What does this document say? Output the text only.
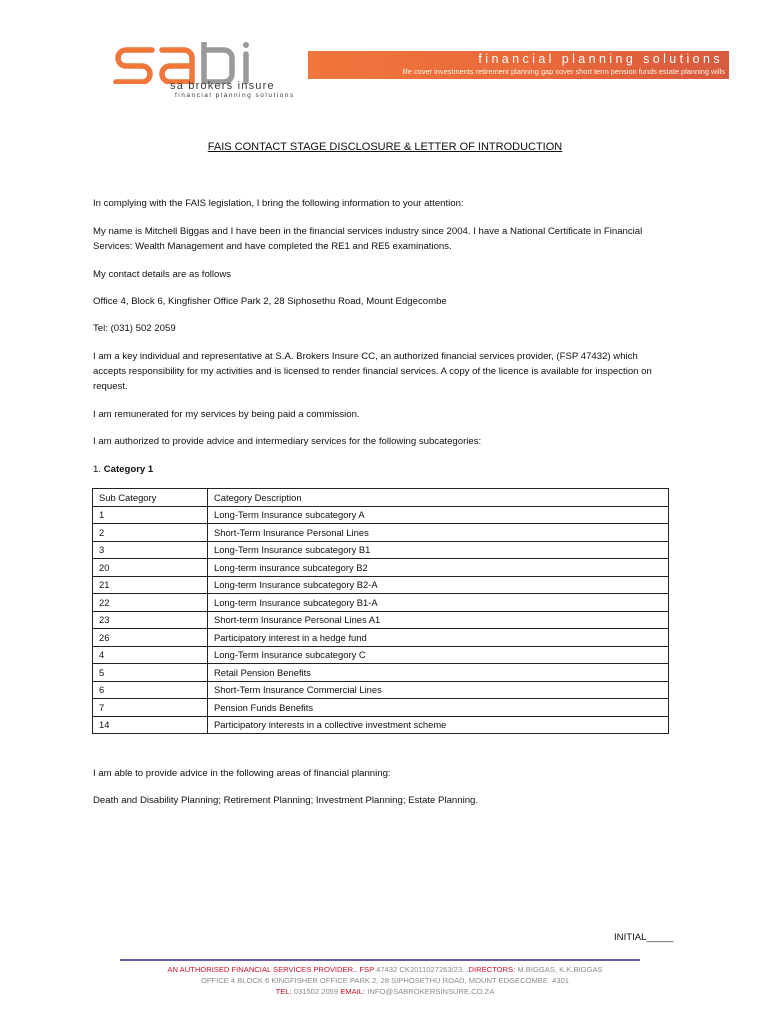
sa brokers insure
financial planning solutions
financial planning solutions
life cover investments retirement planning gap cover short term pension funds estate planning wills
FAIS CONTACT STAGE DISCLOSURE & LETTER OF INTRODUCTION
In complying with the FAIS legislation, I bring the following information to your attention:
My name is Mitchell Biggas and I have been in the financial services industry since 2004. I have a National Certificate in Financial Services: Wealth Management and have completed the RE1 and RE5 examinations.
My contact details are as follows
Office 4, Block 6, Kingfisher Office Park 2, 28 Siphosethu Road, Mount Edgecombe
Tel: (031) 502 2059
I am a key individual and representative at S.A. Brokers Insure CC, an authorized financial services provider, (FSP 47432) which accepts responsibility for my activities and is licensed to render financial services. A copy of the licence is available for inspection on request.
I am remunerated for my services by being paid a commission.
I am authorized to provide advice and intermediary services for the following subcategories:
1. Category 1
Sub Category	Category Description
1	Long-Term Insurance subcategory A
2	Short-Term Insurance Personal Lines
3	Long-Term Insurance subcategory B1
20	Long-term insurance subcategory B2
21	Long-term Insurance subcategory B2-A
22	Long-term Insurance subcategory B1-A
23	Short-term Insurance Personal Lines A1
26	Participatory interest in a hedge fund
4	Long-Term Insurance subcategory C
5	Retail Pension Benefits
6	Short-Term Insurance Commercial Lines
7	Pension Funds Benefits
14	Participatory interests in a collective investment scheme
I am able to provide advice in the following areas of financial planning:
Death and Disability Planning; Retirement Planning; Investment Planning; Estate Planning.
INITIAL_____
AN AUTHORISED FINANCIAL SERVICES PROVIDER.. FSP 47432 CK2011027263/23...DIRECTORS: M.BIGGAS, K.K.BIGGAS
OFFICE 4 BLOCK 6 KINGFISHER OFFICE PARK 2, 28 SIPHOSETHU ROAD, MOUNT EDGECOMBE. 4301
TEL: 031502 2059 EMAIL: INFO@SABROKERSINSURE.CO.ZA
